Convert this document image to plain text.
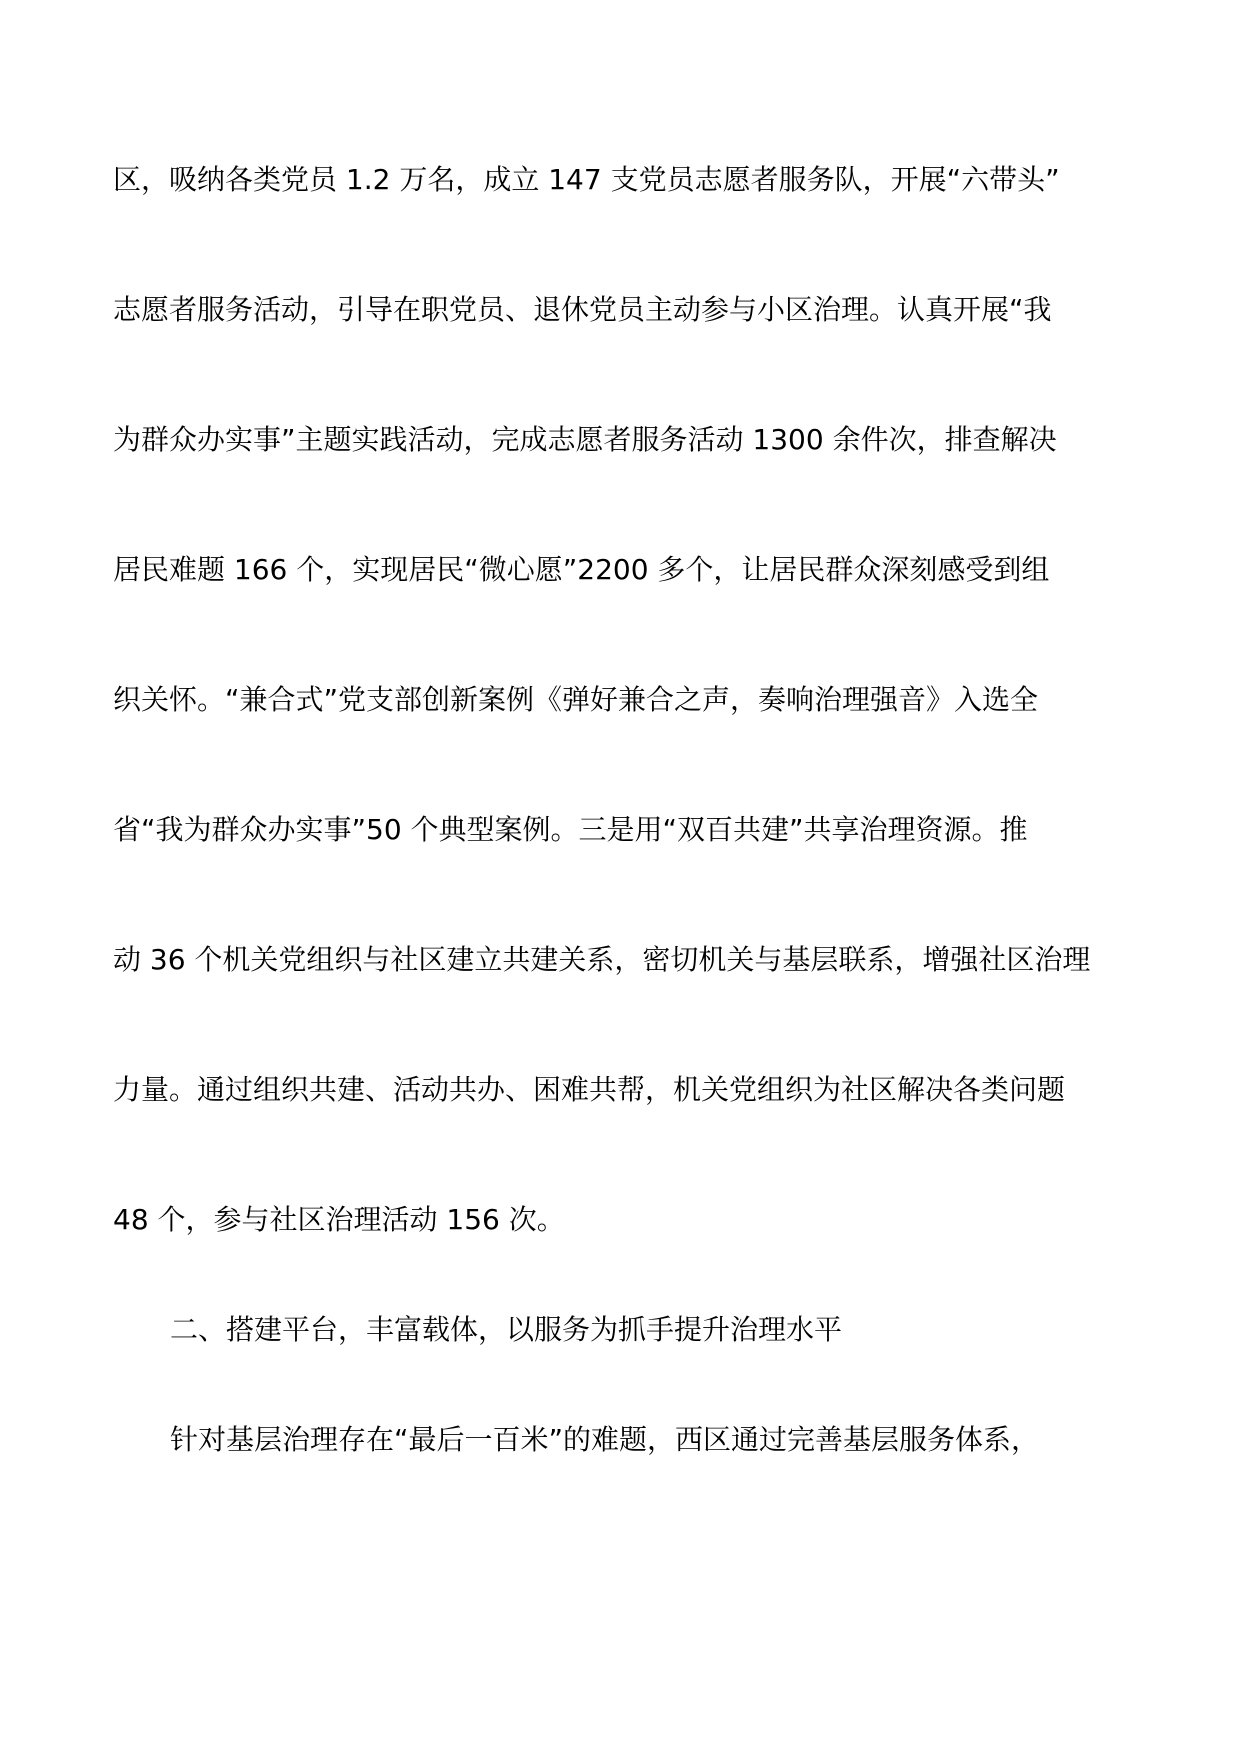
区，吸纳各类党员 1.2 万名，成立 147 支党员志愿者服务队，开展“六带头”
志愿者服务活动，引导在职党员、退休党员主动参与小区治理。认真开展“我
为群众办实事”主题实践活动，完成志愿者服务活动 1300 余件次，排查解决
居民难题 166 个，实现居民“微心愿”2200 多个，让居民群众深刻感受到组
织关怀。“兼合式”党支部创新案例《弹好兼合之声，奏响治理强音》入选全
省“我为群众办实事”50 个典型案例。三是用“双百共建”共享治理资源。推
动 36 个机关党组织与社区建立共建关系，密切机关与基层联系，增强社区治理
力量。通过组织共建、活动共办、困难共帮，机关党组织为社区解决各类问题
48 个，参与社区治理活动 156 次。
二、搭建平台，丰富载体，以服务为抓手提升治理水平
针对基层治理存在“最后一百米”的难题，西区通过完善基层服务体系，
